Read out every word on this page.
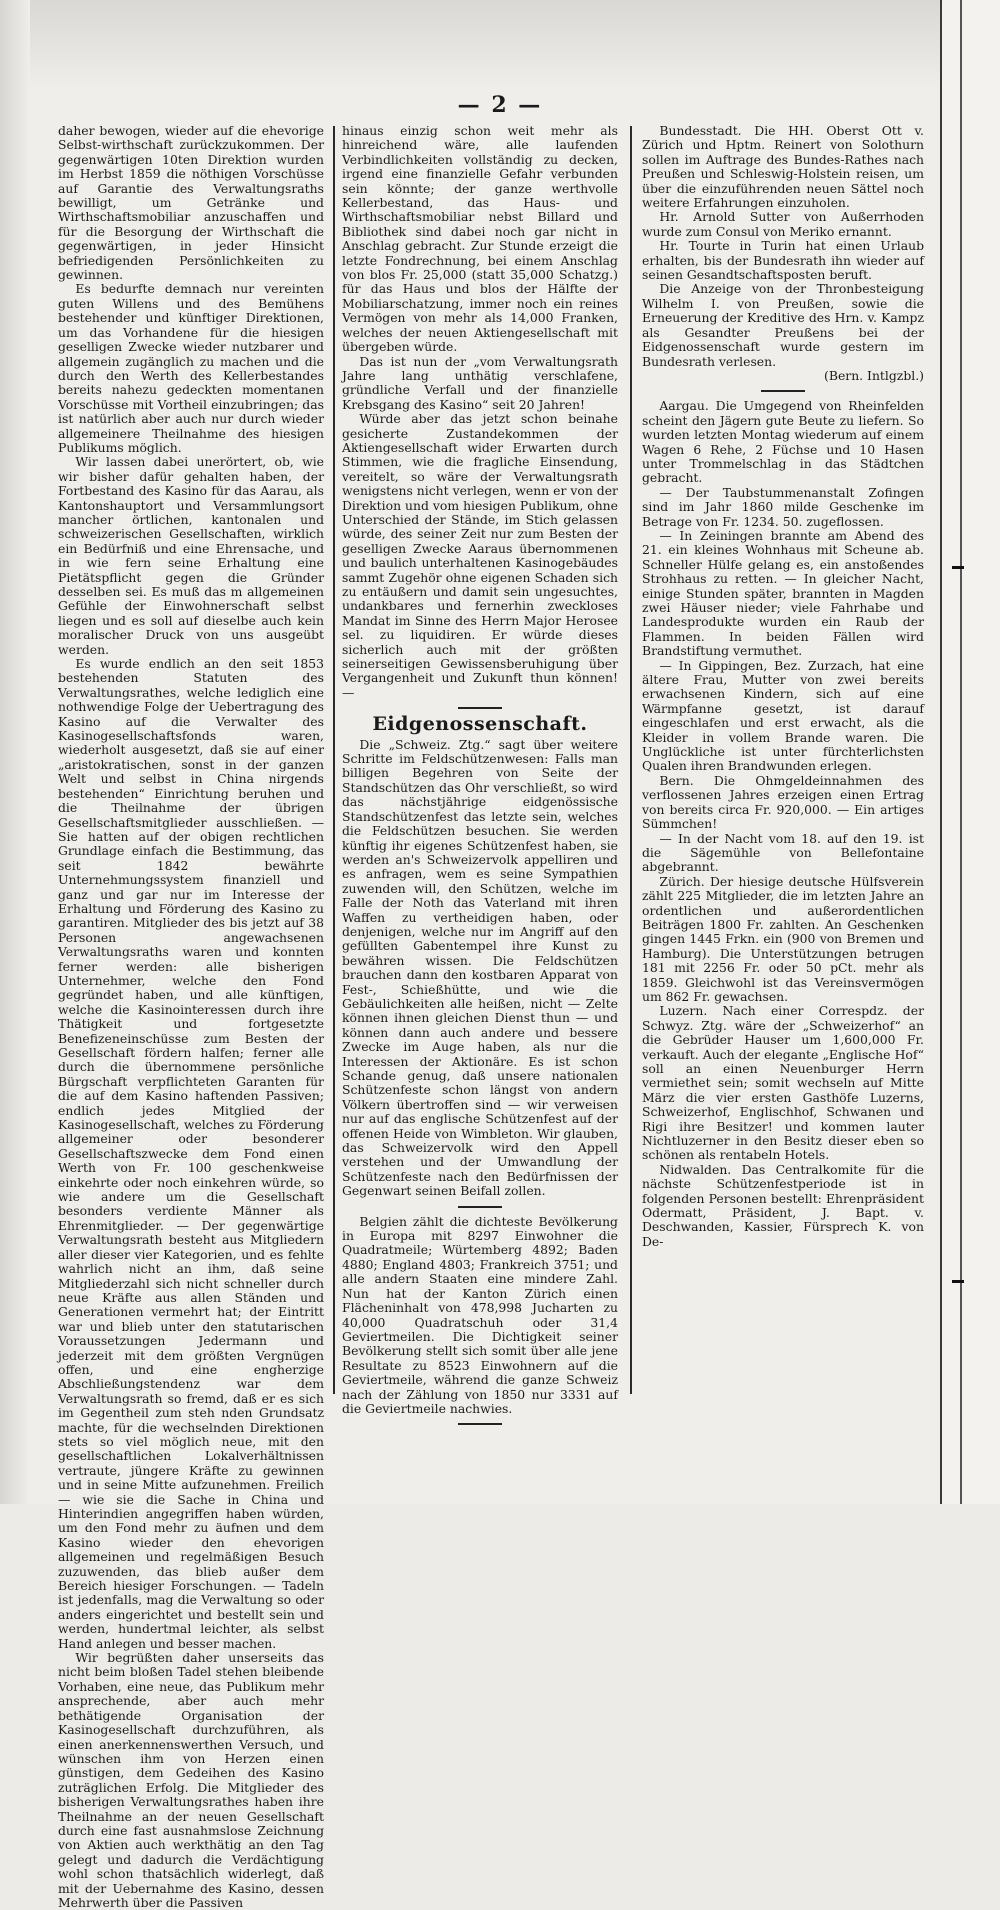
— 2 —

daher bewogen, wieder auf die ehevorige Selbst-wirthschaft zurückzukommen. Der gegenwärtigen 10ten Direktion wurden im Herbst 1859 die nöthigen Vorschüsse auf Garantie des Verwaltungsraths bewilligt, um Getränke und Wirthschaftsmobiliar anzuschaffen und für die Besorgung der Wirthschaft die gegenwärtigen, in jeder Hinsicht befriedigenden Persönlichkeiten zu gewinnen.

Es bedurfte demnach nur vereinten guten Willens und des Bemühens bestehender und künftiger Direktionen, um das Vorhandene für die hiesigen geselligen Zwecke wieder nutzbarer und allgemein zugänglich zu machen und die durch den Werth des Kellerbestandes bereits nahezu gedeckten momentanen Vorschüsse mit Vortheil einzubringen; das ist natürlich aber auch nur durch wieder allgemeinere Theilnahme des hiesigen Publikums möglich.

Wir lassen dabei unerörtert, ob, wie wir bisher dafür gehalten haben, der Fortbestand des Kasino für das Aarau, als Kantonshauptort und Versammlungsort mancher örtlichen, kantonalen und schweizerischen Gesellschaften, wirklich ein Bedürfniß und eine Ehrensache, und in wie fern seine Erhaltung eine Pietätspflicht gegen die Gründer desselben sei. Es muß das m allgemeinen Gefühle der Einwohnerschaft selbst liegen und es soll auf dieselbe auch kein moralischer Druck von uns ausgeübt werden.

Es wurde endlich an den seit 1853 bestehenden Statuten des Verwaltungsrathes, welche lediglich eine nothwendige Folge der Uebertragung des Kasino auf die Verwalter des Kasinogesellschaftsfonds waren, wiederholt ausgesetzt, daß sie auf einer „aristokratischen, sonst in der ganzen Welt und selbst in China nirgends bestehenden“ Einrichtung beruhen und die Theilnahme der übrigen Gesellschaftsmitglieder ausschließen. — Sie hatten auf der obigen rechtlichen Grundlage einfach die Bestimmung, das seit 1842 bewährte Unternehmungssystem finanziell und ganz und gar nur im Interesse der Erhaltung und Förderung des Kasino zu garantiren. Mitglieder des bis jetzt auf 38 Personen angewachsenen Verwaltungsraths waren und konnten ferner werden: alle bisherigen Unternehmer, welche den Fond gegründet haben, und alle künftigen, welche die Kasinointeressen durch ihre Thätigkeit und fortgesetzte Benefizeneinschüsse zum Besten der Gesellschaft fördern halfen; ferner alle durch die übernommene persönliche Bürgschaft verpflichteten Garanten für die auf dem Kasino haftenden Passiven; endlich jedes Mitglied der Kasinogesellschaft, welches zu Förderung allgemeiner oder besonderer Gesellschaftszwecke dem Fond einen Werth von Fr. 100 geschenkweise einkehrte oder noch einkehren würde, so wie andere um die Gesellschaft besonders verdiente Männer als Ehrenmitglieder. — Der gegenwärtige Verwaltungsrath besteht aus Mitgliedern aller dieser vier Kategorien, und es fehlte wahrlich nicht an ihm, daß seine Mitgliederzahl sich nicht schneller durch neue Kräfte aus allen Ständen und Generationen vermehrt hat; der Eintritt war und blieb unter den statutarischen Voraussetzungen Jedermann und jederzeit mit dem größten Vergnügen offen, und eine engherzige Abschließungstendenz war dem Verwaltungsrath so fremd, daß er es sich im Gegentheil zum steh nden Grundsatz machte, für die wechselnden Direktionen stets so viel möglich neue, mit den gesellschaftlichen Lokalverhältnissen vertraute, jüngere Kräfte zu gewinnen und in seine Mitte aufzunehmen. Freilich — wie sie die Sache in China und Hinterindien angegriffen haben würden, um den Fond mehr zu äufnen und dem Kasino wieder den ehevorigen allgemeinen und regelmäßigen Besuch zuzuwenden, das blieb außer dem Bereich hiesiger Forschungen. — Tadeln ist jedenfalls, mag die Verwaltung so oder anders eingerichtet und bestellt sein und werden, hundertmal leichter, als selbst Hand anlegen und besser machen.

Wir begrüßten daher unserseits das nicht beim bloßen Tadel stehen bleibende Vorhaben, eine neue, das Publikum mehr ansprechende, aber auch mehr bethätigende Organisation der Kasinogesellschaft durchzuführen, als einen anerkennenswerthen Versuch, und wünschen ihm von Herzen einen günstigen, dem Gedeihen des Kasino zuträglichen Erfolg. Die Mitglieder des bisherigen Verwaltungsrathes haben ihre Theilnahme an der neuen Gesellschaft durch eine fast ausnahmslose Zeichnung von Aktien auch werkthätig an den Tag gelegt und dadurch die Verdächtigung wohl schon thatsächlich widerlegt, daß mit der Uebernahme des Kasino, dessen Mehrwerth über die Passiven

hinaus einzig schon weit mehr als hinreichend wäre, alle laufenden Verbindlichkeiten vollständig zu decken, irgend eine finanzielle Gefahr verbunden sein könnte; der ganze werthvolle Kellerbestand, das Haus- und Wirthschaftsmobiliar nebst Billard und Bibliothek sind dabei noch gar nicht in Anschlag gebracht. Zur Stunde erzeigt die letzte Fondrechnung, bei einem Anschlag von blos Fr. 25,000 (statt 35,000 Schatzg.) für das Haus und blos der Hälfte der Mobiliarschatzung, immer noch ein reines Vermögen von mehr als 14,000 Franken, welches der neuen Aktiengesellschaft mit übergeben würde.

Das ist nun der „vom Verwaltungsrath Jahre lang unthätig verschlafene, gründliche Verfall und der finanzielle Krebsgang des Kasino“ seit 20 Jahren!

Würde aber das jetzt schon beinahe gesicherte Zustandekommen der Aktiengesellschaft wider Erwarten durch Stimmen, wie die fragliche Einsendung, vereitelt, so wäre der Verwaltungsrath wenigstens nicht verlegen, wenn er von der Direktion und vom hiesigen Publikum, ohne Unterschied der Stände, im Stich gelassen würde, des seiner Zeit nur zum Besten der geselligen Zwecke Aaraus übernommenen und baulich unterhaltenen Kasinogebäudes sammt Zugehör ohne eigenen Schaden sich zu entäußern und damit sein ungesuchtes, undankbares und fernerhin zweckloses Mandat im Sinne des Herrn Major Herosee sel. zu liquidiren. Er würde dieses sicherlich auch mit der größten seinerseitigen Gewissensberuhigung über Vergangenheit und Zukunft thun können! —

Eidgenossenschaft.

Die „Schweiz. Ztg.“ sagt über weitere Schritte im Feldschützenwesen: Falls man billigen Begehren von Seite der Standschützen das Ohr verschließt, so wird das nächstjährige eidgenössische Standschützenfest das letzte sein, welches die Feldschützen besuchen. Sie werden künftig ihr eigenes Schützenfest haben, sie werden an's Schweizervolk appelliren und es anfragen, wem es seine Sympathien zuwenden will, den Schützen, welche im Falle der Noth das Vaterland mit ihren Waffen zu vertheidigen haben, oder denjenigen, welche nur im Angriff auf den gefüllten Gabentempel ihre Kunst zu bewähren wissen. Die Feldschützen brauchen dann den kostbaren Apparat von Fest-, Schießhütte, und wie die Gebäulichkeiten alle heißen, nicht — Zelte können ihnen gleichen Dienst thun — und können dann auch andere und bessere Zwecke im Auge haben, als nur die Interessen der Aktionäre. Es ist schon Schande genug, daß unsere nationalen Schützenfeste schon längst von andern Völkern übertroffen sind — wir verweisen nur auf das englische Schützenfest auf der offenen Heide von Wimbleton. Wir glauben, das Schweizervolk wird den Appell verstehen und der Umwandlung der Schützenfeste nach den Bedürfnissen der Gegenwart seinen Beifall zollen.

Belgien zählt die dichteste Bevölkerung in Europa mit 8297 Einwohner die Quadratmeile; Würtemberg 4892; Baden 4880; England 4803; Frankreich 3751; und alle andern Staaten eine mindere Zahl. Nun hat der Kanton Zürich einen Flächeninhalt von 478,998 Jucharten zu 40,000 Quadratschuh oder 31,4 Geviertmeilen. Die Dichtigkeit seiner Bevölkerung stellt sich somit über alle jene Resultate zu 8523 Einwohnern auf die Geviertmeile, während die ganze Schweiz nach der Zählung von 1850 nur 3331 auf die Geviertmeile nachwies.

Bundesstadt. Die HH. Oberst Ott v. Zürich und Hptm. Reinert von Solothurn sollen im Auftrage des Bundes-Rathes nach Preußen und Schleswig-Holstein reisen, um über die einzuführenden neuen Sättel noch weitere Erfahrungen einzuholen.

Hr. Arnold Sutter von Außerrhoden wurde zum Consul von Meriko ernannt.

Hr. Tourte in Turin hat einen Urlaub erhalten, bis der Bundesrath ihn wieder auf seinen Gesandtschaftsposten beruft.

Die Anzeige von der Thronbesteigung Wilhelm I. von Preußen, sowie die Erneuerung der Kreditive des Hrn. v. Kampz als Gesandter Preußens bei der Eidgenossenschaft wurde gestern im Bundesrath verlesen.

(Bern. Intlgzbl.)

Aargau. Die Umgegend von Rheinfelden scheint den Jägern gute Beute zu liefern. So wurden letzten Montag wiederum auf einem Wagen 6 Rehe, 2 Füchse und 10 Hasen unter Trommelschlag in das Städtchen gebracht.

— Der Taubstummenanstalt Zofingen sind im Jahr 1860 milde Geschenke im Betrage von Fr. 1234. 50. zugeflossen.

— In Zeiningen brannte am Abend des 21. ein kleines Wohnhaus mit Scheune ab. Schneller Hülfe gelang es, ein anstoßendes Strohhaus zu retten. — In gleicher Nacht, einige Stunden später, brannten in Magden zwei Häuser nieder; viele Fahrhabe und Landesprodukte wurden ein Raub der Flammen. In beiden Fällen wird Brandstiftung vermuthet.

— In Gippingen, Bez. Zurzach, hat eine ältere Frau, Mutter von zwei bereits erwachsenen Kindern, sich auf eine Wärmpfanne gesetzt, ist darauf eingeschlafen und erst erwacht, als die Kleider in vollem Brande waren. Die Unglückliche ist unter fürchterlichsten Qualen ihren Brandwunden erlegen.

Bern. Die Ohmgeldeinnahmen des verflossenen Jahres erzeigen einen Ertrag von bereits circa Fr. 920,000. — Ein artiges Sümmchen!

— In der Nacht vom 18. auf den 19. ist die Sägemühle von Bellefontaine abgebrannt.

Zürich. Der hiesige deutsche Hülfsverein zählt 225 Mitglieder, die im letzten Jahre an ordentlichen und außerordentlichen Beiträgen 1800 Fr. zahlten. An Geschenken gingen 1445 Frkn. ein (900 von Bremen und Hamburg). Die Unterstützungen betrugen 181 mit 2256 Fr. oder 50 pCt. mehr als 1859. Gleichwohl ist das Vereinsvermögen um 862 Fr. gewachsen.

Luzern. Nach einer Correspdz. der Schwyz. Ztg. wäre der „Schweizerhof“ an die Gebrüder Hauser um 1,600,000 Fr. verkauft. Auch der elegante „Englische Hof“ soll an einen Neuenburger Herrn vermiethet sein; somit wechseln auf Mitte März die vier ersten Gasthöfe Luzerns, Schweizerhof, Englischhof, Schwanen und Rigi ihre Besitzer! und kommen lauter Nichtluzerner in den Besitz dieser eben so schönen als rentabeln Hotels.

Nidwalden. Das Centralkomite für die nächste Schützenfestperiode ist in folgenden Personen bestellt: Ehrenpräsident Odermatt, Präsident, J. Bapt. v. Deschwanden, Kassier, Fürsprech K. von De-
